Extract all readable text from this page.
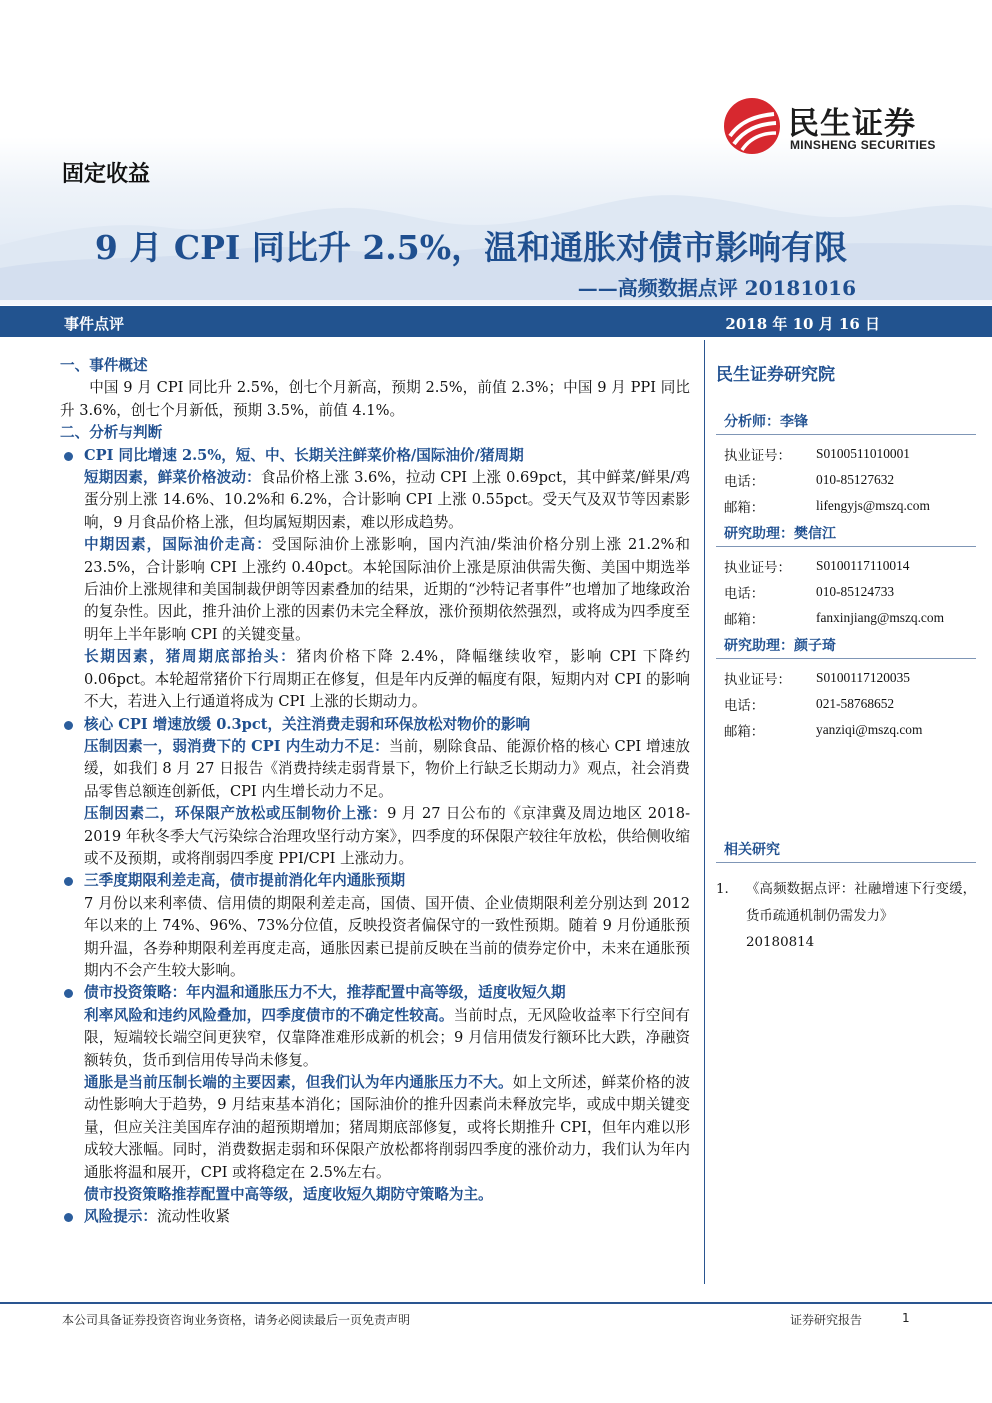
民生证券
MINSHENG SECURITIES
固定收益
9 月 CPI 同比升 2.5%，温和通胀对债市影响有限
——高频数据点评 20181016
事件点评	2018 年 10 月 16 日
一、事件概述
中国 9 月 CPI 同比升 2.5%，创七个月新高，预期 2.5%，前值 2.3%；中国 9 月 PPI 同比升 3.6%，创七个月新低，预期 3.5%，前值 4.1%。
二、分析与判断
CPI 同比增速 2.5%，短、中、长期关注鲜菜价格/国际油价/猪周期
短期因素，鲜菜价格波动：食品价格上涨 3.6%，拉动 CPI 上涨 0.69pct，其中鲜菜/鲜果/鸡蛋分别上涨 14.6%、10.2%和 6.2%，合计影响 CPI 上涨 0.55pct。受天气及双节等因素影响，9 月食品价格上涨，但均属短期因素，难以形成趋势。
中期因素，国际油价走高：受国际油价上涨影响，国内汽油/柴油价格分别上涨 21.2%和 23.5%，合计影响 CPI 上涨约 0.40pct。本轮国际油价上涨是原油供需失衡、美国中期选举后油价上涨规律和美国制裁伊朗等因素叠加的结果，近期的“沙特记者事件”也增加了地缘政治的复杂性。因此，推升油价上涨的因素仍未完全释放，涨价预期依然强烈，或将成为四季度至明年上半年影响 CPI 的关键变量。
长期因素，猪周期底部抬头：猪肉价格下降 2.4%，降幅继续收窄，影响 CPI 下降约 0.06pct。本轮超常猪价下行周期正在修复，但是年内反弹的幅度有限，短期内对 CPI 的影响不大，若进入上行通道将成为 CPI 上涨的长期动力。
核心 CPI 增速放缓 0.3pct，关注消费走弱和环保放松对物价的影响
压制因素一，弱消费下的 CPI 内生动力不足：当前，剔除食品、能源价格的核心 CPI 增速放缓，如我们 8 月 27 日报告《消费持续走弱背景下，物价上行缺乏长期动力》观点，社会消费品零售总额连创新低，CPI 内生增长动力不足。
压制因素二，环保限产放松或压制物价上涨：9 月 27 日公布的《京津冀及周边地区 2018-2019 年秋冬季大气污染综合治理攻坚行动方案》，四季度的环保限产较往年放松，供给侧收缩或不及预期，或将削弱四季度 PPI/CPI 上涨动力。
三季度期限利差走高，债市提前消化年内通胀预期
7 月份以来利率债、信用债的期限利差走高，国债、国开债、企业债期限利差分别达到 2012 年以来的上 74%、96%、73%分位值，反映投资者偏保守的一致性预期。随着 9 月份通胀预期升温，各券种期限利差再度走高，通胀因素已提前反映在当前的债券定价中，未来在通胀预期内不会产生较大影响。
债市投资策略：年内温和通胀压力不大，推荐配置中高等级，适度收短久期
利率风险和违约风险叠加，四季度债市的不确定性较高。当前时点，无风险收益率下行空间有限，短端较长端空间更狭窄，仅靠降准难形成新的机会；9 月信用债发行额环比大跌，净融资额转负，货币到信用传导尚未修复。
通胀是当前压制长端的主要因素，但我们认为年内通胀压力不大。如上文所述，鲜菜价格的波动性影响大于趋势，9 月结束基本消化；国际油价的推升因素尚未释放完毕，或成中期关键变量，但应关注美国库存油的超预期增加；猪周期底部修复，或将长期推升 CPI，但年内难以形成较大涨幅。同时，消费数据走弱和环保限产放松都将削弱四季度的涨价动力，我们认为年内通胀将温和展开，CPI 或将稳定在 2.5%左右。
债市投资策略推荐配置中高等级，适度收短久期防守策略为主。
风险提示：流动性收紧
民生证券研究院
分析师：李锋
执业证号：	S0100511010001
电话：	010-85127632
邮箱：	lifengyjs@mszq.com
研究助理：樊信江
执业证号：	S0100117110014
电话：	010-85124733
邮箱：	fanxinjiang@mszq.com
研究助理：颜子琦
执业证号：	S0100117120035
电话：	021-58768652
邮箱：	yanziqi@mszq.com
相关研究
1.	《高频数据点评：社融增速下行变缓，货币疏通机制仍需发力》
20180814
本公司具备证券投资咨询业务资格，请务必阅读最后一页免责声明	证券研究报告	1
